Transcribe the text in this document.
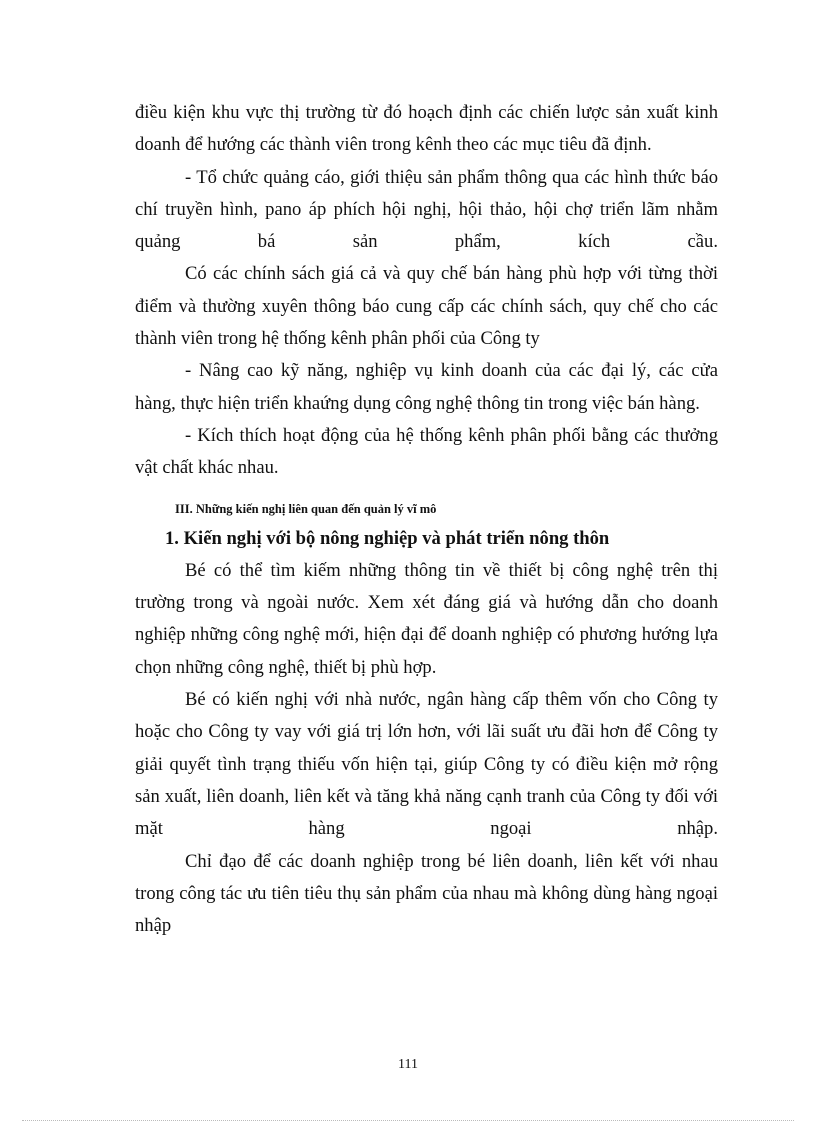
điều kiện khu vực thị trường từ đó hoạch định các chiến lược sản xuất kinh doanh để hướng các thành viên trong kênh theo các mục tiêu đã định.

- Tổ chức quảng cáo, giới thiệu sản phẩm thông qua các hình thức báo chí truyền hình, pano áp phích hội nghị, hội thảo, hội chợ triển lãm nhằm quảng bá sản phẩm, kích cầu.

Có các chính sách giá cả và quy chế bán hàng phù hợp với từng thời điểm và thường xuyên thông báo cung cấp các chính sách, quy chế cho các thành viên trong hệ thống kênh phân phối của Công ty

- Nâng cao kỹ năng, nghiệp vụ kinh doanh của các đại lý, các cửa hàng, thực hiện triển khaứng dụng công nghệ thông tin trong việc bán hàng.

- Kích thích hoạt động của hệ thống kênh phân phối bằng các thưởng vật chất khác nhau.

III. Những kiến nghị liên quan đến quản lý vĩ mô

1. Kiến nghị với bộ nông nghiệp và phát triển nông thôn

Bé có thể tìm kiếm những thông tin về thiết bị công nghệ trên thị trường trong và ngoài nước. Xem xét đáng giá và hướng dẫn cho doanh nghiệp những công nghệ mới, hiện đại để doanh nghiệp có phương hướng lựa chọn những công nghệ, thiết bị phù hợp.

Bé có kiến nghị với nhà nước, ngân hàng cấp thêm vốn cho Công ty hoặc cho Công ty vay với giá trị lớn hơn, với lãi suất ưu đãi hơn để Công ty giải quyết tình trạng thiếu vốn hiện tại, giúp Công ty có điều kiện mở rộng sản xuất, liên doanh, liên kết và tăng khả năng cạnh tranh của Công ty đối với mặt hàng ngoại nhập.

Chỉ đạo để các doanh nghiệp trong bé liên doanh, liên kết với nhau trong công tác ưu tiên tiêu thụ sản phẩm của nhau mà không dùng hàng ngoại nhập

111
